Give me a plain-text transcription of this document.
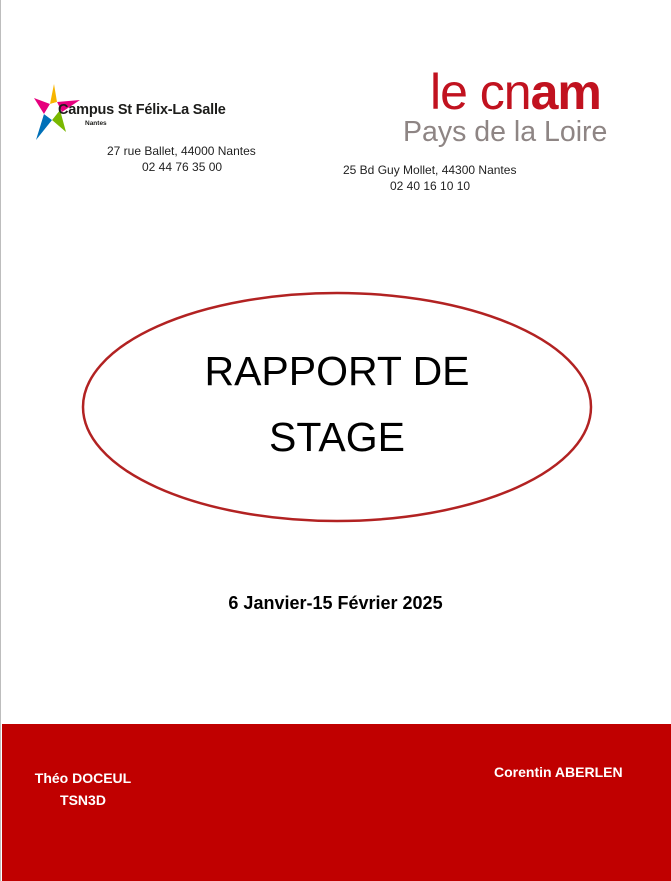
Campus St Félix-La Salle
Nantes
27 rue Ballet, 44000 Nantes
02 44 76 35 00
le cnam
Pays de la Loire
25 Bd Guy Mollet, 44300 Nantes
02 40 16 10 10
RAPPORT DE
STAGE
6 Janvier-15 Février 2025
Théo DOCEUL
TSN3D
Corentin ABERLEN
